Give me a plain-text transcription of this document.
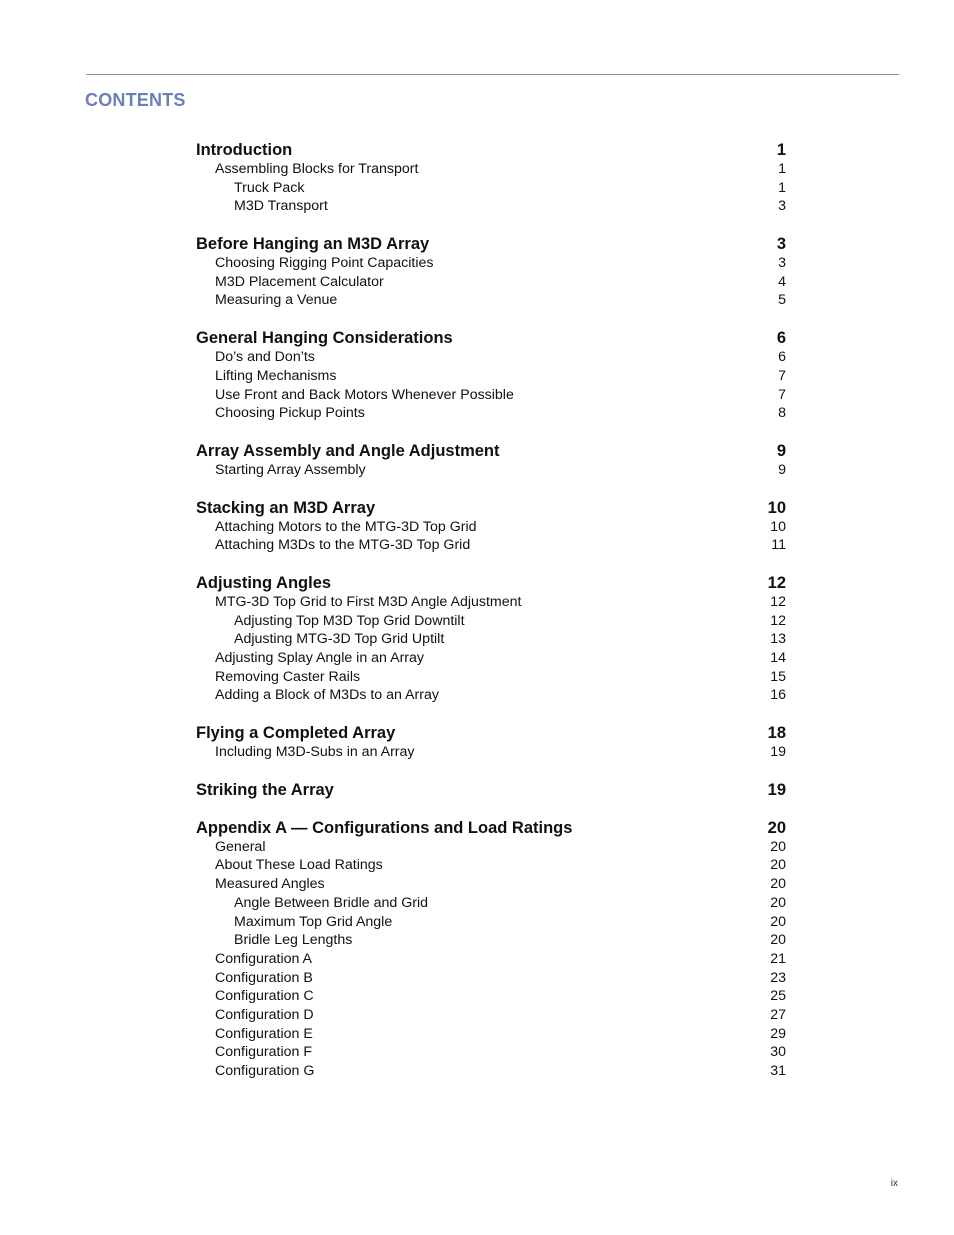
CONTENTS
Introduction	1
Assembling Blocks for Transport	1
Truck Pack	1
M3D Transport	3
Before Hanging an M3D Array	3
Choosing Rigging Point Capacities	3
M3D Placement Calculator	4
Measuring a Venue	5
General Hanging Considerations	6
Do’s and Don’ts	6
Lifting Mechanisms	7
Use Front and Back Motors Whenever Possible	7
Choosing Pickup Points	8
Array Assembly and Angle Adjustment	9
Starting Array Assembly	9
Stacking an M3D Array	10
Attaching Motors to the MTG-3D Top Grid	10
Attaching M3Ds to the MTG-3D Top Grid	11
Adjusting Angles	12
MTG-3D Top Grid to First M3D Angle Adjustment	12
Adjusting Top M3D Top Grid Downtilt	12
Adjusting MTG-3D Top Grid Uptilt	13
Adjusting Splay Angle in an Array	14
Removing Caster Rails	15
Adding a Block of M3Ds to an Array	16
Flying a Completed Array	18
Including M3D-Subs in an Array	19
Striking the Array	19
Appendix A — Configurations and Load Ratings	20
General	20
About These Load Ratings	20
Measured Angles	20
Angle Between Bridle and Grid	20
Maximum Top Grid Angle	20
Bridle Leg Lengths	20
Configuration A	21
Configuration B	23
Configuration C	25
Configuration D	27
Configuration E	29
Configuration F	30
Configuration G	31
ix
